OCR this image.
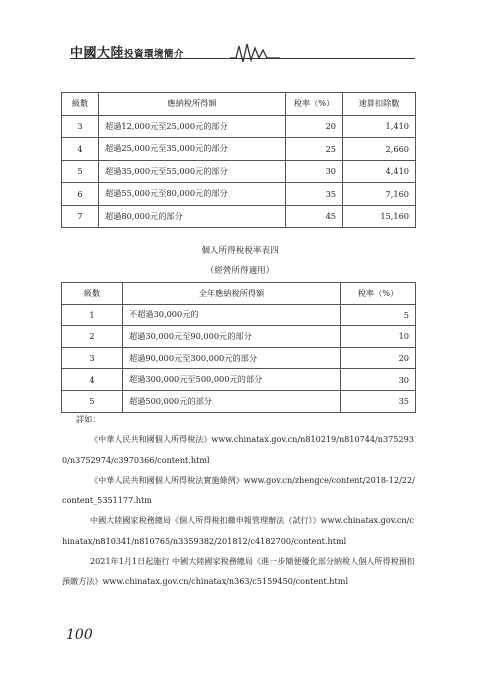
中國大陸投資環境簡介
級數	應納稅所得額	稅率（%）	速算扣除數
3	超過12,000元至25,000元的部分	20	1,410
4	超過25,000元至35,000元的部分	25	2,660
5	超過35,000元至55,000元的部分	30	4,410
6	超過55,000元至80,000元的部分	35	7,160
7	超過80,000元的部分	45	15,160
個人所得稅稅率表四
（經營所得適用）
級數	全年應納稅所得額	稅率（%）
1	不超過30,000元的	5
2	超過30,000元至90,000元的部分	10
3	超過90,000元至300,000元的部分	20
4	超過300,000元至500,000元的部分	30
5	超過500,000元的部分	35

詳如：

《中華人民共和國個人所得稅法》www.chinatax.gov.cn/n810219/n810744/n3752930/n3752974/c3970366/content.html

《中華人民共和國個人所得稅法實施條例》www.gov.cn/zhengce/content/2018-12/22/content_5351177.htm

中國大陸國家稅務總局《個人所得稅扣繳申報管理辦法（試行）》www.chinatax.gov.cn/chinatax/n810341/n810765/n3359382/201812/c4182700/content.html

2021年1月1日起施行 中國大陸國家稅務總局《進一步簡便優化部分納稅人個人所得稅預扣預繳方法》www.chinatax.gov.cn/chinatax/n363/c5159450/content.html

100
